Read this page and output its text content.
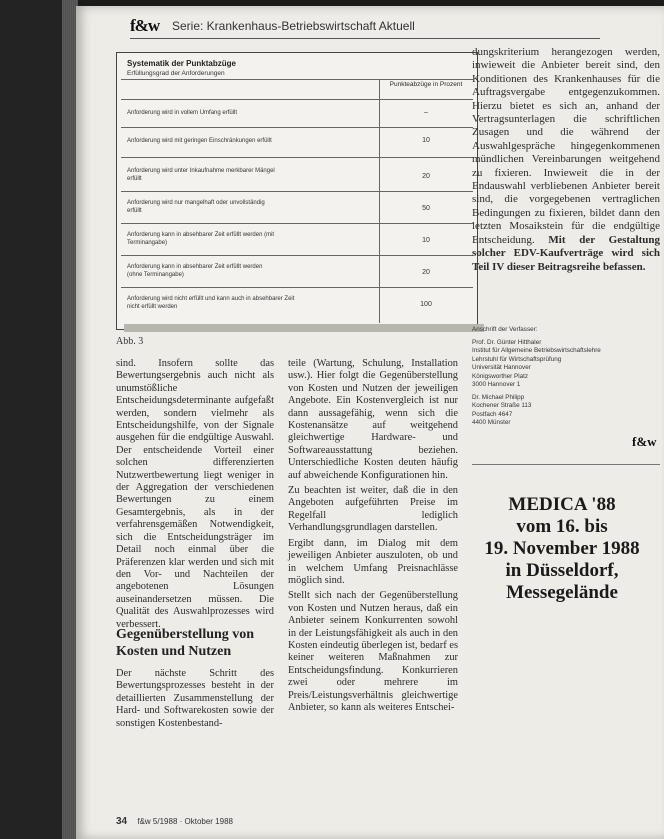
f&w Serie: Krankenhaus-Betriebswirtschaft Aktuell
Systematik der Punktabzüge
Erfüllungsgrad der Anforderungen
Punkteabzüge in Prozent
Anforderung wird in vollem Umfang erfüllt	–
Anforderung wird mit geringen Einschränkungen erfüllt	10
Anforderung wird unter Inkaufnahme merkbarer Mängel erfüllt	20
Anforderung wird nur mangelhaft oder unvollständig erfüllt	50
Anforderung kann in absehbarer Zeit erfüllt werden (mit Terminangabe)	10
Anforderung kann in absehbarer Zeit erfüllt werden (ohne Terminangabe)	20
Anforderung wird nicht erfüllt und kann auch in absehbarer Zeit nicht erfüllt werden	100
Abb. 3

sind. Insofern sollte das Bewertungsergebnis auch nicht als unumstößliche Entscheidungsdeterminante aufgefaßt werden, sondern vielmehr als Entscheidungshilfe, von der Signale ausgehen für die endgültige Auswahl. Der entscheidende Vorteil einer solchen differenzierten Nutzwertbewertung liegt weniger in der Aggregation der verschiedenen Bewertungen zu einem Gesamtergebnis, als in der verfahrensgemäßen Notwendigkeit, sich die Entscheidungsträger im Detail noch einmal über die Präferenzen klar werden und sich mit den Vor- und Nachteilen der angebotenen Lösungen auseinandersetzen müssen. Die Qualität des Auswahlprozesses wird verbessert.

Gegenüberstellung von Kosten und Nutzen

Der nächste Schritt des Bewertungsprozesses besteht in der detaillierten Zusammenstellung der Hard- und Softwarekosten sowie der sonstigen Kostenbestand-

teile (Wartung, Schulung, Installation usw.). Hier folgt die Gegenüberstellung von Kosten und Nutzen der jeweiligen Angebote. Ein Kostenvergleich ist nur dann aussagefähig, wenn sich die Kostenansätze auf weitgehend gleichwertige Hardware- und Softwareausstattung beziehen. Unterschiedliche Kosten deuten häufig auf abweichende Konfigurationen hin.

Zu beachten ist weiter, daß die in den Angeboten aufgeführten Preise im Regelfall lediglich Verhandlungsgrundlagen darstellen.

Ergibt dann, im Dialog mit dem jeweiligen Anbieter auszuloten, ob und in welchem Umfang Preisnachlässe möglich sind.

Stellt sich nach der Gegenüberstellung von Kosten und Nutzen heraus, daß ein Anbieter seinem Konkurrenten sowohl in der Leistungsfähigkeit als auch in den Kosten eindeutig überlegen ist, bedarf es keiner weiteren Maßnahmen zur Entscheidungsfindung. Konkurrieren zwei oder mehrere im Preis/Leistungsverhältnis gleichwertige Anbieter, so kann als weiteres Entschei-

dungskriterium herangezogen werden, inwieweit die Anbieter bereit sind, den Konditionen des Krankenhauses für die Auftragsvergabe entgegenzukommen. Hierzu bietet es sich an, anhand der Vertragsunterlagen die schriftlichen Zusagen und die während der Auswahlgespräche hingegenkommenen mündlichen Vereinbarungen weitgehend zu fixieren. Inwieweit die in der Endauswahl verbliebenen Anbieter bereit sind, die vorgegebenen vertraglichen Bedingungen zu fixieren, bildet dann den letzten Mosaikstein für die endgültige Entscheidung. Mit der Gestaltung solcher EDV-Kaufverträge wird sich Teil IV dieser Beitragsreihe befassen.
Anschrift der Verfasser:
Prof. Dr. Günter Hitthaler
Institut für Allgemeine Betriebswirtschaftslehre
Lehrstuhl für Wirtschaftsprüfung
Universität Hannover
Königsworther Platz
3000 Hannover 1
Dr. Michael Philipp
Kochener Straße 113
Postfach 4647
4400 Münster
f&w
MEDICA '88
vom 16. bis
19. November 1988
in Düsseldorf,
Messegelände
34 f&w 5/1988 · Oktober 1988
